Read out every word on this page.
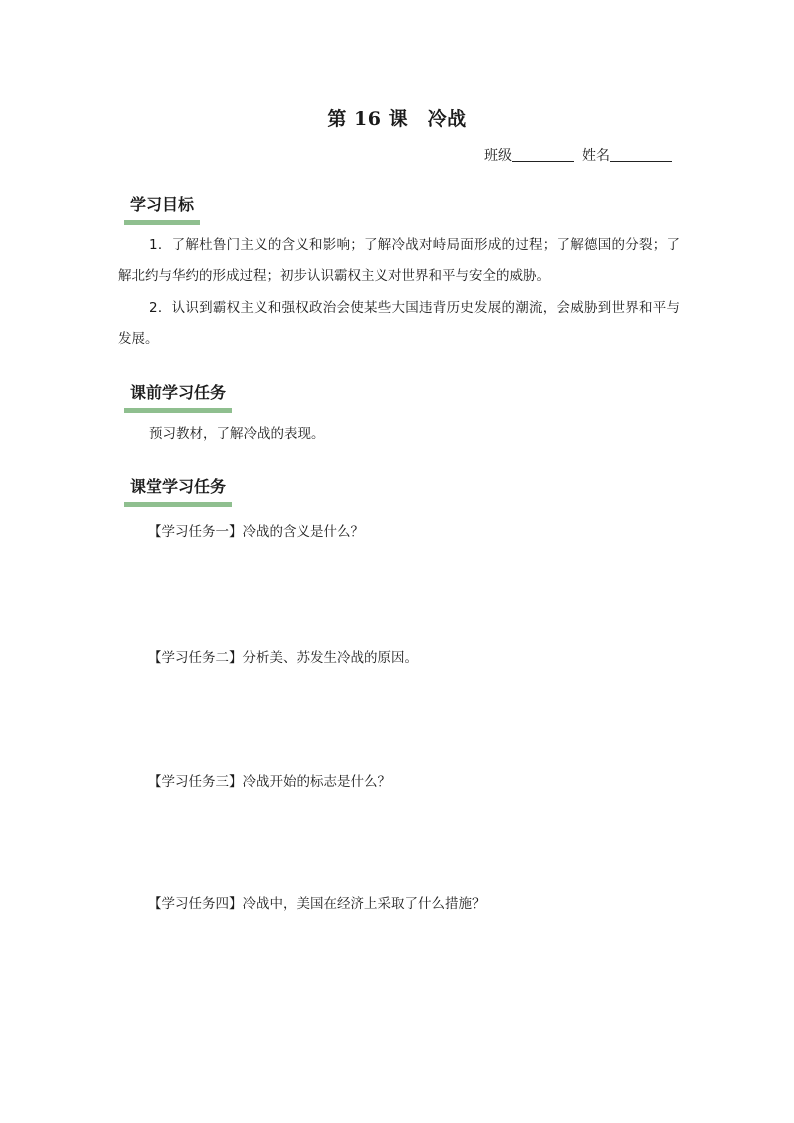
第 16 课　冷战
班级	姓名
学习目标
1．了解杜鲁门主义的含义和影响；了解冷战对峙局面形成的过程；了解德国的分裂；了解北约与华约的形成过程；初步认识霸权主义对世界和平与安全的威胁。
2．认识到霸权主义和强权政治会使某些大国违背历史发展的潮流，会威胁到世界和平与发展。
课前学习任务
预习教材，了解冷战的表现。
课堂学习任务
【学习任务一】冷战的含义是什么？
【学习任务二】分析美、苏发生冷战的原因。
【学习任务三】冷战开始的标志是什么？
【学习任务四】冷战中，美国在经济上采取了什么措施？
